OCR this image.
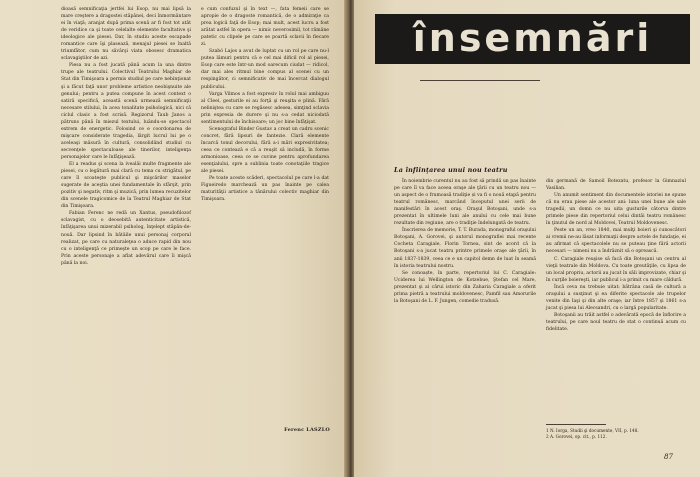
dioasă semnificaţia jertfei lui Esop, nu mai lipsă la mare creştere a dragostei stăpânei, deci înmormântare ei în viaţă; aranjat după prima scenă ar fi fost tot atât de veridice ca şi toate celelalte elemente facultative şi ideologice ale piesei. Dar, în studiu aceste escapade romantice care îşi plasează, menajul piesei se înaltă triumfător, cum nu săvârşi viata obosesc dramatica sclavagiştilor de azi.

Piesa nu a fost jucată până acum la una dintre trupe ale teatrului. Colectivul Teatrului Maghiar de Stat din Timişoara a permis studiul pe care nebinţionat şi a făcut faţă unor probleme artistice neobişnuite ale genului; pentru a putea compune în acest context o satiră specifică, această scenă urmează semnificaţii necesare stilului, în acea tonalitate psihologică, nici că ciclul clasic a fost scrisă. Regizorul Taub Janos a pătruns până în miezul textului, luându-se spectacol extrem de energetic. Folosind ce e coordonarea de mişcare considerate tragedia, lărgit lucrul lui pe o aceleaşi măsură în cultură, consolidând studiul cu secvenţele spectaculoase ale tinerilor, inteligenţa personajelor care le înfăţişează.

El a readus şi scena la ivealăi multe fragmente ale piesei, cu o legătură mai clară cu tema cu strigătul, pe care îl scoateşte publicul şi mişcărilor maselor sugerate de aceştia unei fundamentale în sfârşit, prin pozitiv şi negativ, ritm şi muzică, prin lumea recuzitelor din scenele tragicomice de la Teatrul Maghiar de Stat din Timişoara.

Fabian Ferenc ne redă un Xantus, pseudofilozof sclavagist, cu o deosebită autenticitate artistică, înfăţişarea unui mizerabil psiholog, înţelept stăpân-de-nouă. Dar lipsind în bătăile unui personaj corporal realizat, pe care cu naturaleţea o aduce rapid din nou cu o inteligenţă ce primeşte un scop pe care le face. Prin aceste personaje a aflat adevărul care îi mişcă până la noi.

e cum confuzul şi în text —, fata femeii care se apropie de o dragoste romantică, de o admiraţie ca prea logică faţă de Esop; mai mult, acest lucru a fost arătat astfel în opera — nimic neverosimil, tot rămâne patetic cu clipele pe care se poartă sclavii în fiecare zi.

Szabó Lajos a avut de luptat cu un rol pe care nu-l putea lămuri pentru că e cel mai dificil rol al piesei, Esop care este într-un mod oarecum ciudat — ridicol, dar mai ales ritmul bine compus al scenei cu un respingător, ci semnificativ de mai încercat dialogul publicului.

Varga Vilmos a fost expresiv în rolul mai ambiguu al Cleei, gesturile ei au forţă şi reuşita e plină. Fără neliniştea cu care se regăsesc adesea, simţind sclavia prin expresia de durere şi nu s-a cedat niciodată sentimentului de închisoare; un joc bine înfăţişat.

Scenograful Binder Gustav a creat un cadru scenic concret, fără lipsuri de fantezie. Clară elemente încarcă tonul decorului, fără a-i mări expresivitatea; ceea ce contează e că a reuşit să includă, în forme armonioase, ceea ce se cuvine pentru aprofundarea esenţialului, spre a sublinia toate conotaţiile tragice ale piesei.

Pe toate aceste scăderi, spectacolul pe care l-a dat Figueiredo marchează un pas înainte pe calea maturităţii artistice a tânărului colectiv maghiar din Timişoara.

Ferenc LASZLO
însemnări
La înfiinţarea unui nou teatru

În noiembrie curentul nu au fost să prindă un pas înainte pe care îl va face aceea oraşe ale ţării cu un teatru nou — un aspect de o frumoasă tradiţie și va fi o nouă etapă pentru teatrul românesc, marcând începutul unei serii de manifestări în acest oraş. Oraşul Botoşani, unde s-a prezentat în ultimele luni ale anului cu cele mai bune rezultate din regiune, are o tradiţie îndelungată de teatru.

Înscrierea de memorie, T. T. Burada, monograful oraşului Botoşani, A. Gorovei, şi autorul monografiei mai recente Cocheta Caragiale, Florin Tornea, sint de acord că la Botoşani s-a jucat teatru printre primele oraşe ale ţării, în anii 1837-1839, ceea ce e un capitol demn de luat în seamă în istoria teatrului nostru.

Se conoaște, în parte, repertoriul lui C. Caragiale: Uciderea lui Wellington de Kotzebue, Ştefan cel Mare, prezentat şi al cărui istoric din Zaharia Caragiale a oferit prima pietră a teatrului moldovenesc, Pamfil sau Amorurile la Botoşani de L. F. Jungen, comedie tradusă.

din germană de Samoil Botezatu, profesor la Gimnaziul Vasilian.

Un anumit sentiment din documentele istoriei ne spune că nu erau piese ale acestor ani: luna unei bune ale sale tragedii, un domn ce nu uita gusturile câtorva dintre primele piese din repertoriul celui dintâi teatru românesc în ţinutul de nord al Moldovei, Teatrul Moldovenesc.

Peste un an, vreo 1840, mai mulţi boieri şi cunoscători ai vremii ne-au lăsat informaţii despre actele de fundaţie, ei au afirmat că spectacolele nu se puteau ţine fără actorii necesari — nimeni nu a îndrăznit să o oprească.

C. Caragiale reuşise să facă din Botoşani un centru al vieţii teatrale din Moldova. Cu toate greutăţile, cu lipsa de un local propriu, actorii au jucat în săli improvizate, chiar şi în curţile boiereşti, iar publicul i-a primit cu mare căldură.

Încă ceva nu trebuie uitat: bătrâna casă de cultură a oraşului a susţinut şi ea diferite spectacole ale trupelor venite din Iaşi şi din alte oraşe; iar între 1857 şi 1861 s-a jucat şi piesa lui Alecsandri, cu o largă popularitate.

Botoşanii au trăit astfel o adevărată epocă de înflorire a teatrului, pe care noul teatru de stat o continuă acum cu fidelitate.

1 N. Iorga, Studii şi documente, VII, p. 148.
2 A. Gorovei, op. cit., p. 112.
87
